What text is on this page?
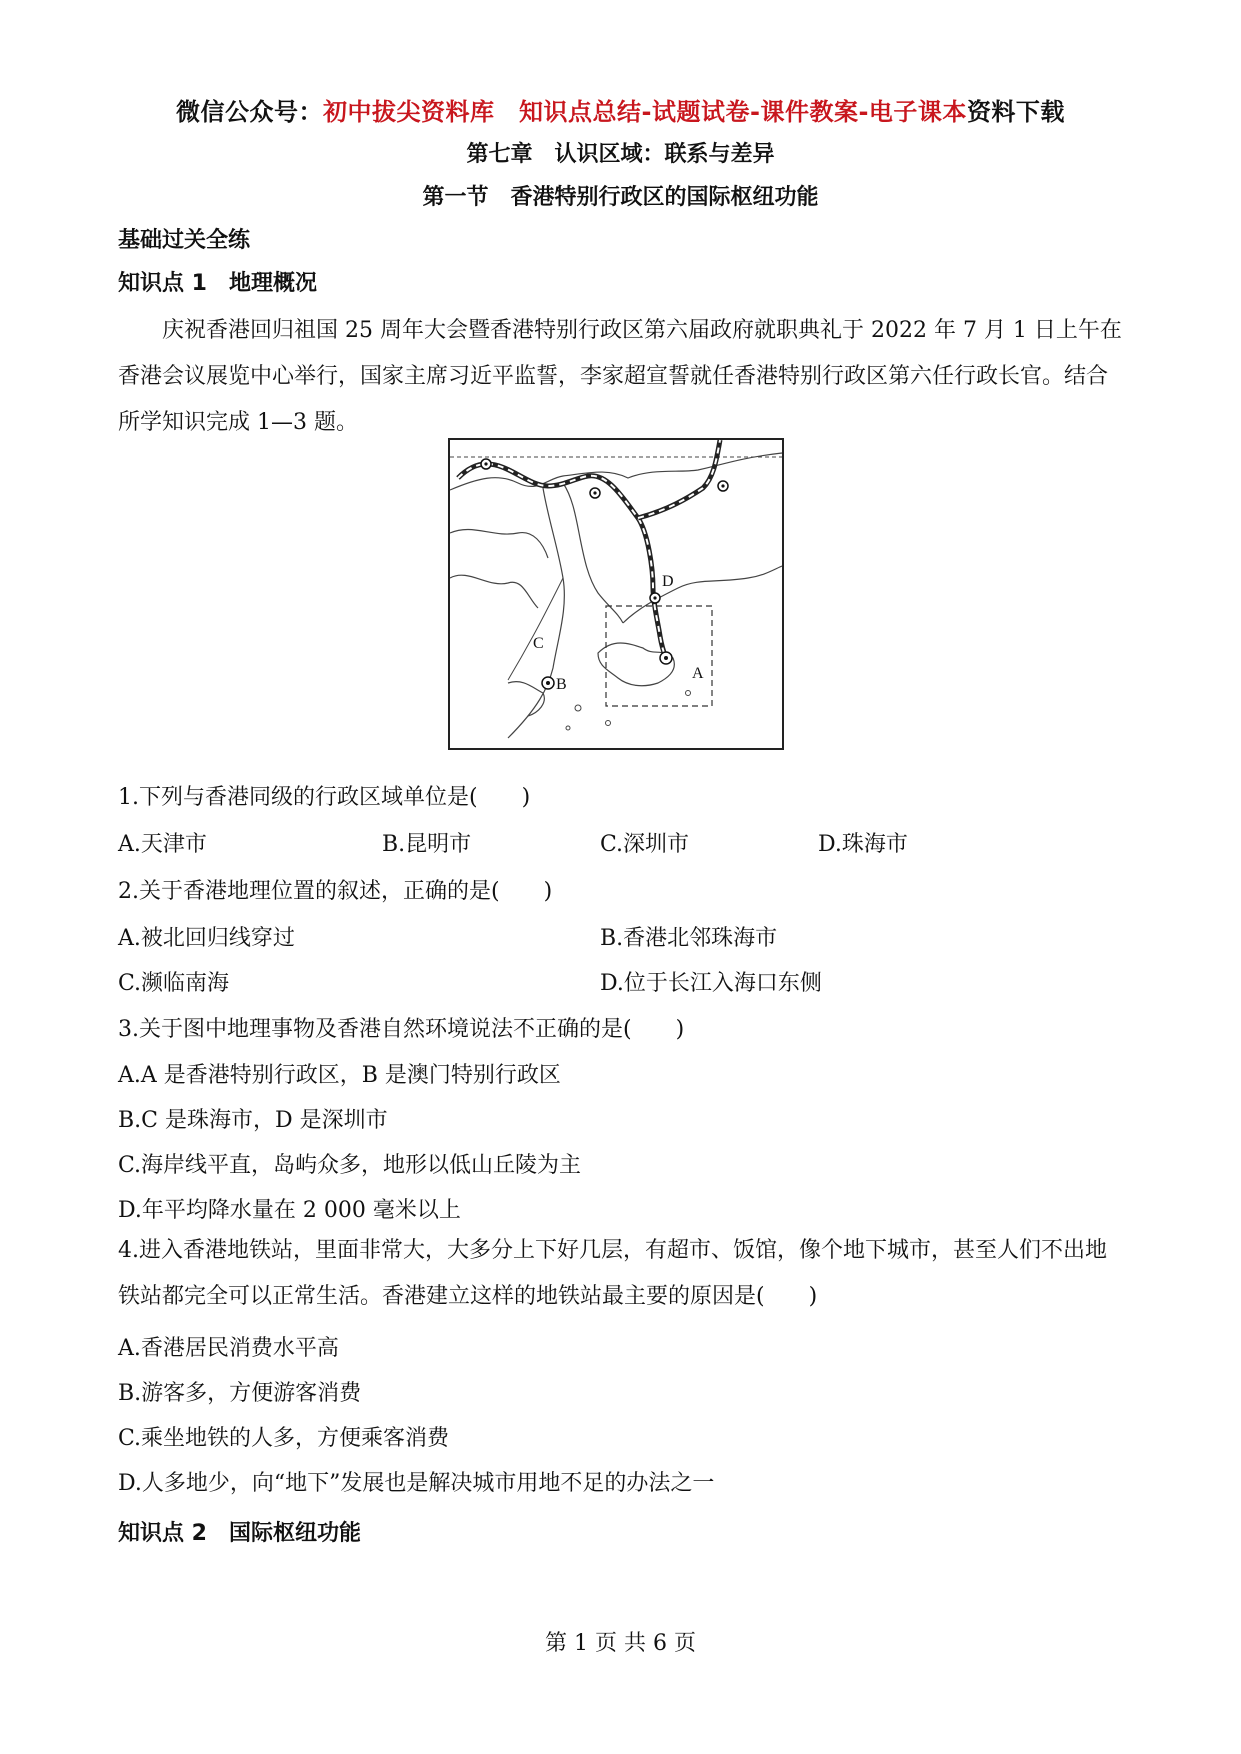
微信公众号：初中拔尖资料库　知识点总结-试题试卷-课件教案-电子课本资料下载
第七章　认识区域：联系与差异
第一节　香港特别行政区的国际枢纽功能
基础过关全练
知识点 1　地理概况
庆祝香港回归祖国 25 周年大会暨香港特别行政区第六届政府就职典礼于 2022 年 7 月 1 日上午在香港会议展览中心举行，国家主席习近平监誓，李家超宣誓就任香港特别行政区第六任行政长官。结合所学知识完成 1—3 题。
A
B
C
D
1.下列与香港同级的行政区域单位是(　　)
A.天津市	B.昆明市	C.深圳市	D.珠海市
2.关于香港地理位置的叙述，正确的是(　　)
A.被北回归线穿过	B.香港北邻珠海市
C.濒临南海	D.位于长江入海口东侧
3.关于图中地理事物及香港自然环境说法不正确的是(　　)
A.A 是香港特别行政区，B 是澳门特别行政区
B.C 是珠海市，D 是深圳市
C.海岸线平直，岛屿众多，地形以低山丘陵为主
D.年平均降水量在 2 000 毫米以上
4.进入香港地铁站，里面非常大，大多分上下好几层，有超市、饭馆，像个地下城市，甚至人们不出地铁站都完全可以正常生活。香港建立这样的地铁站最主要的原因是(　　)
A.香港居民消费水平高
B.游客多，方便游客消费
C.乘坐地铁的人多，方便乘客消费
D.人多地少，向“地下”发展也是解决城市用地不足的办法之一
知识点 2　国际枢纽功能
第 1 页 共 6 页
